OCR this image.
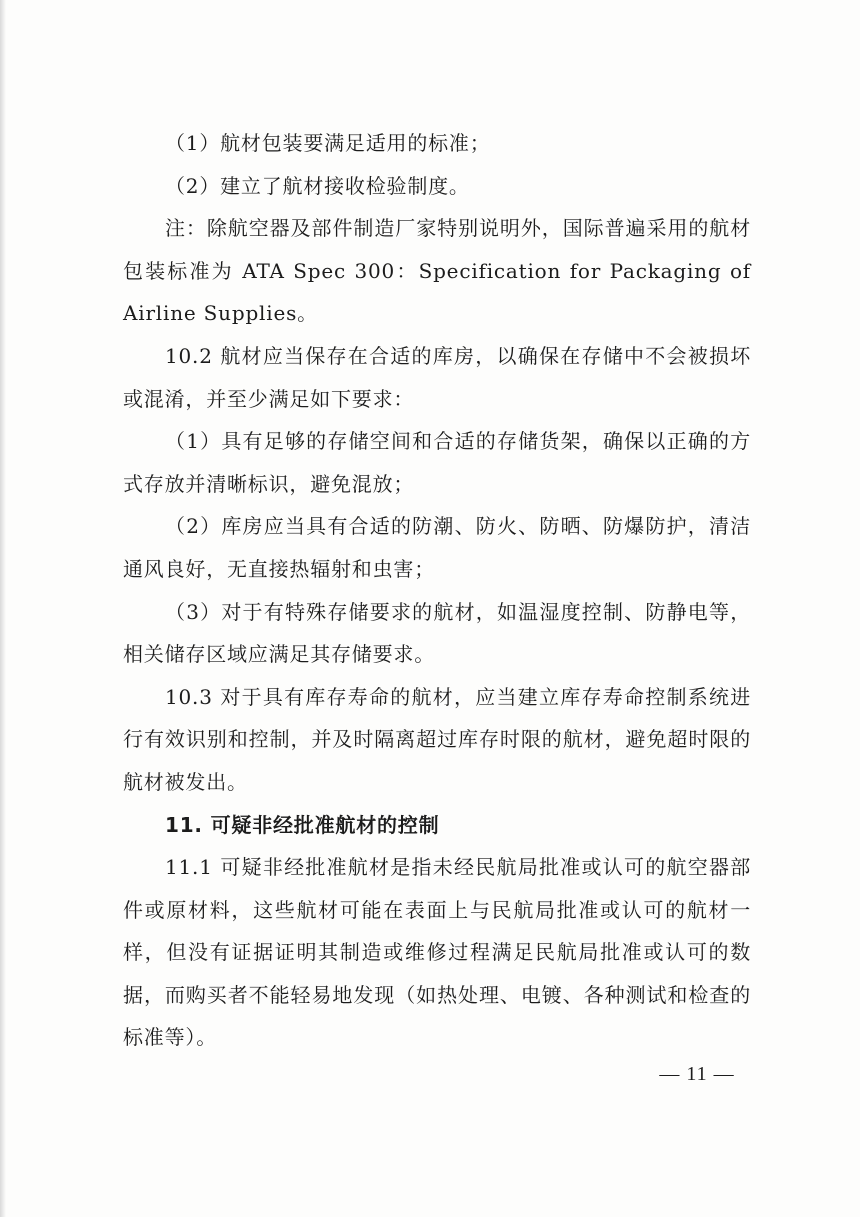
（1）航材包装要满足适用的标准；

（2）建立了航材接收检验制度。

注：除航空器及部件制造厂家特别说明外，国际普遍采用的航材包装标准为 ATA Spec 300：Specification for Packaging of Airline Supplies。

10.2 航材应当保存在合适的库房，以确保在存储中不会被损坏或混淆，并至少满足如下要求：

（1）具有足够的存储空间和合适的存储货架，确保以正确的方式存放并清晰标识，避免混放；

（2）库房应当具有合适的防潮、防火、防晒、防爆防护，清洁通风良好，无直接热辐射和虫害；

（3）对于有特殊存储要求的航材，如温湿度控制、防静电等，相关储存区域应满足其存储要求。

10.3 对于具有库存寿命的航材，应当建立库存寿命控制系统进行有效识别和控制，并及时隔离超过库存时限的航材，避免超时限的航材被发出。

11. 可疑非经批准航材的控制

11.1 可疑非经批准航材是指未经民航局批准或认可的航空器部件或原材料，这些航材可能在表面上与民航局批准或认可的航材一样，但没有证据证明其制造或维修过程满足民航局批准或认可的数据，而购买者不能轻易地发现（如热处理、电镀、各种测试和检查的标准等）。

— 11 —
